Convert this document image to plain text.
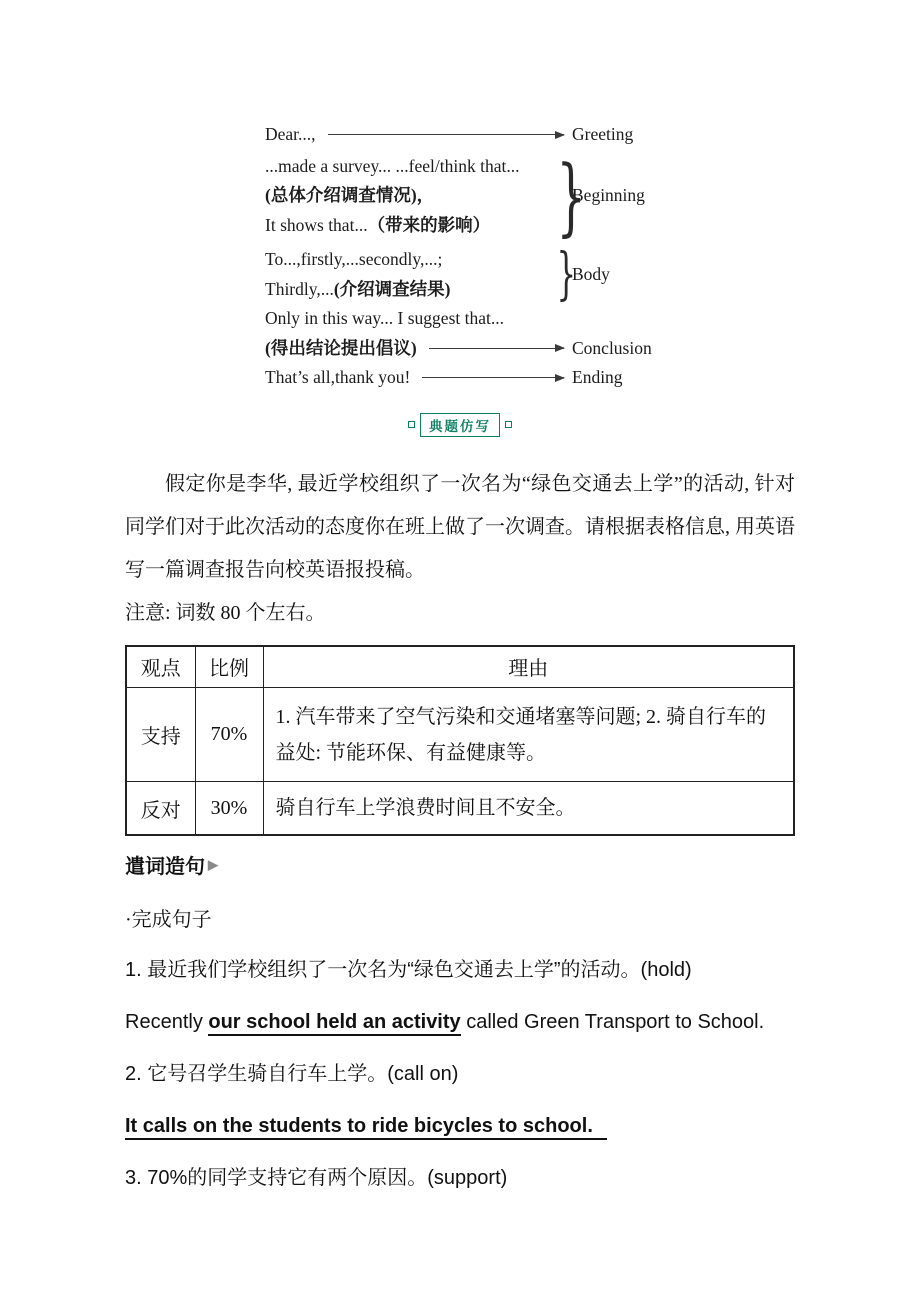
Dear...,	Greeting
...made a survey... ...feel/think that...
(总体介绍调查情况)，
It shows that...（带来的影响） }
Beginning
To...,firstly,...secondly,...;
Thirdly,...(介绍调查结果)	}
Body
Only in this way... I suggest that...
(得出结论提出倡议)	Conclusion
That’s all,thank you!	Ending
典题仿写
假定你是李华, 最近学校组织了一次名为“绿色交通去上学”的活动, 针对同学们对于此次活动的态度你在班上做了一次调查。请根据表格信息, 用英语写一篇调查报告向校英语报投稿。
注意: 词数 80 个左右。
观点	比例	理由
支持	70%	1. 汽车带来了空气污染和交通堵塞等问题; 2. 骑自行车的益处: 节能环保、有益健康等。
反对	30%	骑自行车上学浪费时间且不安全。
遣词造句 ▶
·完成句子
1. 最近我们学校组织了一次名为“绿色交通去上学”的活动。(hold)
Recently our school held an activity called Green Transport to School.
2. 它号召学生骑自行车上学。(call on)
It calls on the students to ride bicycles to school.
3. 70%的同学支持它有两个原因。(support)
